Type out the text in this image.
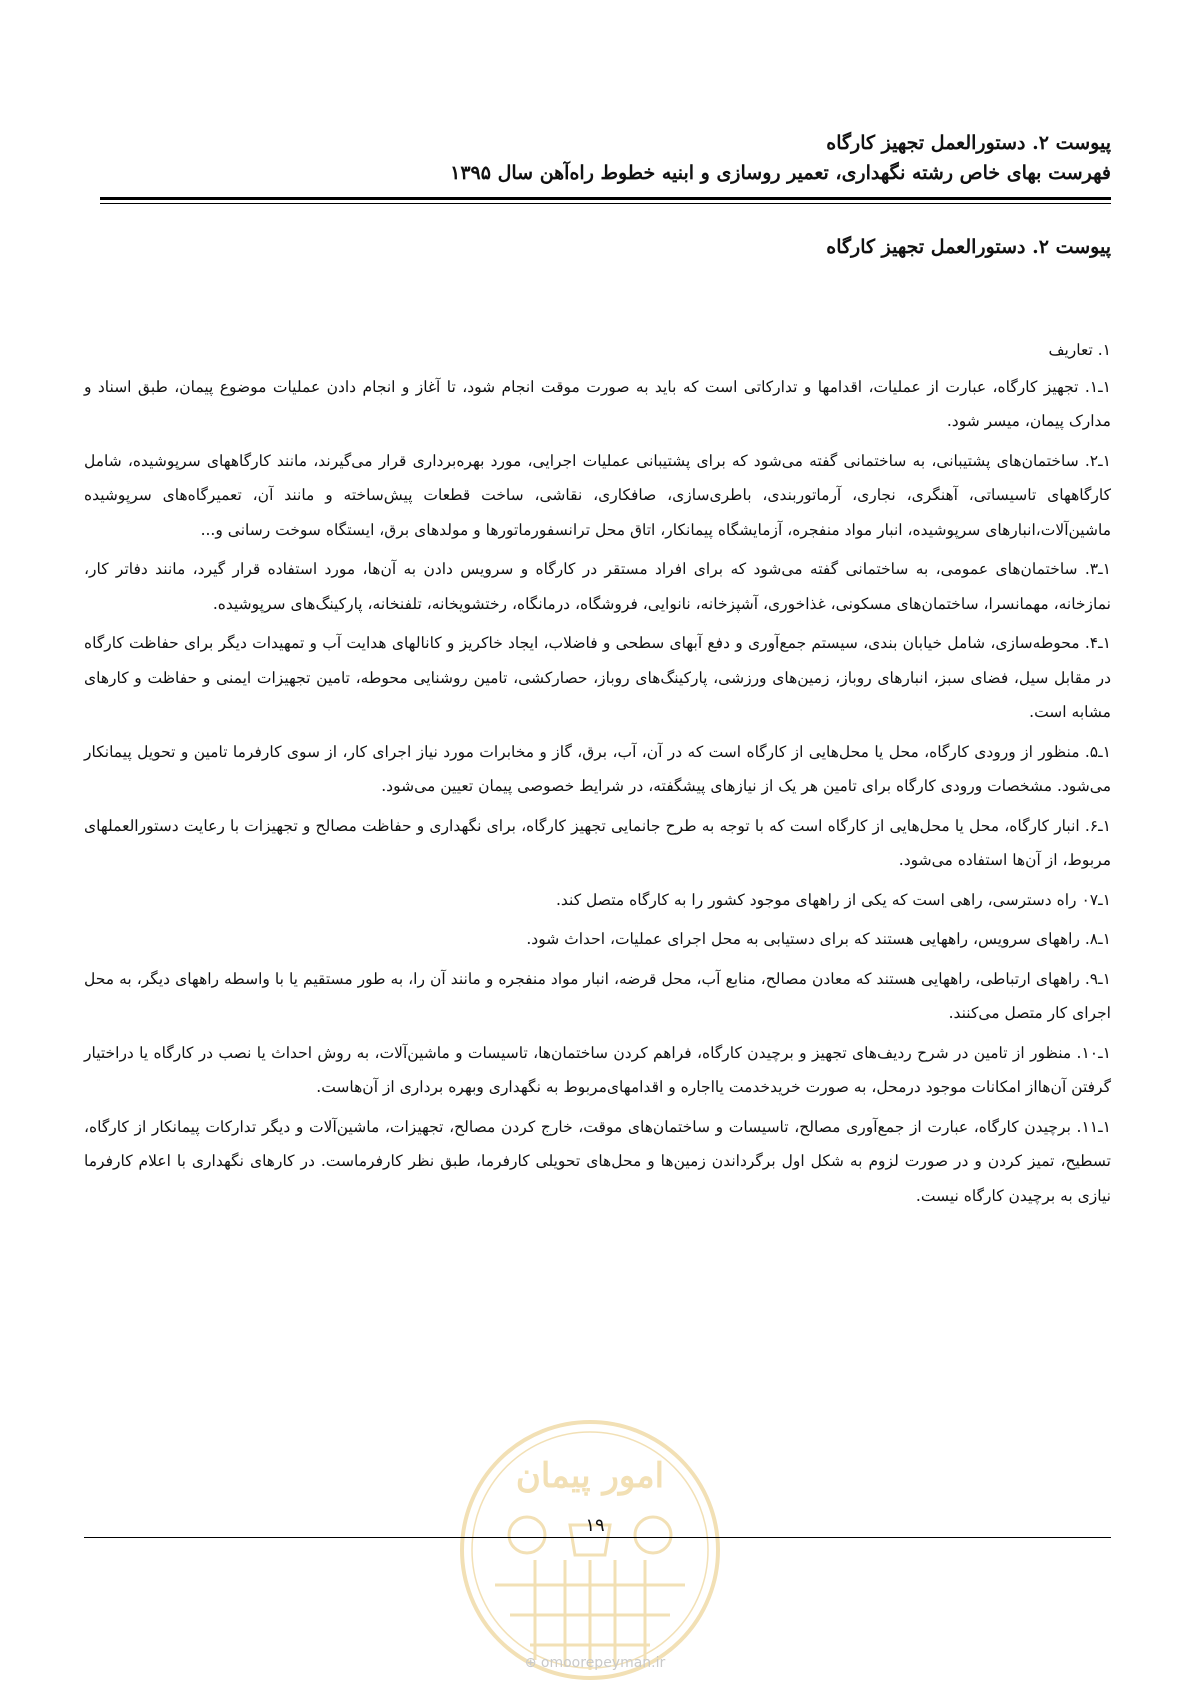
پیوست ۲. دستورالعمل تجهیز کارگاه
فهرست بهای خاص رشته نگهداری، تعمیر روسازی و ابنیه خطوط راه‌آهن سال ۱۳۹۵
پیوست ۲. دستورالعمل تجهیز کارگاه

۱. تعاریف

۱ـ۱. تجهیز کارگاه، عبارت از عملیات، اقدامها و تدارکاتی است که باید به صورت موقت انجام شود، تا آغاز و انجام دادن عملیات موضوع پیمان، طبق اسناد و مدارک پیمان، میسر شود.

۱ـ۲. ساختمان‌های پشتیبانی، به ساختمانی گفته می‌شود که برای پشتیبانی عملیات اجرایی، مورد بهره‌برداری قرار می‌گیرند، مانند کارگاههای سرپوشیده، شامل کارگاههای تاسیساتی، آهنگری، نجاری، آرماتوربندی، باطری‌سازی، صافکاری، نقاشی، ساخت قطعات پیش‌ساخته و مانند آن، تعمیرگاه‌های سرپوشیده ماشین‌آلات،انبارهای سرپوشیده، انبار مواد منفجره، آزمایشگاه پیمانکار، اتاق محل ترانسفورماتورها و مولدهای برق، ایستگاه سوخت رسانی و...

۱ـ۳. ساختمان‌های عمومی، به ساختمانی گفته می‌شود که برای افراد مستقر در کارگاه و سرویس دادن به آن‌ها، مورد استفاده قرار گیرد، مانند دفاتر کار، نمازخانه، مهمانسرا، ساختمان‌های مسکونی، غذاخوری، آشپزخانه، نانوایی، فروشگاه، درمانگاه، رختشویخانه، تلفنخانه، پارکینگ‌های سرپوشیده.

۱ـ۴. محوطه‌سازی، شامل خیابان بندی، سیستم جمع‌آوری و دفع آبهای سطحی و فاضلاب، ایجاد خاکریز و کانالهای هدایت آب و تمهیدات دیگر برای حفاظت کارگاه در مقابل سیل، فضای سبز، انبارهای روباز، زمین‌های ورزشی، پارکینگ‌های روباز، حصارکشی، تامین روشنایی محوطه، تامین تجهیزات ایمنی و حفاظت و کارهای مشابه است.

۱ـ۵. منظور از ورودی کارگاه، محل یا محل‌هایی از کارگاه است که در آن، آب، برق، گاز و مخابرات مورد نیاز اجرای کار، از سوی کارفرما تامین و تحویل پیمانکار می‌شود. مشخصات ورودی کارگاه برای تامین هر یک از نیازهای پیشگفته، در شرایط خصوصی پیمان تعیین می‌شود.

۱ـ۶. انبار کارگاه، محل یا محل‌هایی از کارگاه است که با توجه به طرح جانمایی تجهیز کارگاه، برای نگهداری و حفاظت مصالح و تجهیزات با رعایت دستورالعملهای مربوط، از آن‌ها استفاده می‌شود.

۱ـ۰۷ راه دسترسی، راهی است که یکی از راههای موجود کشور را به کارگاه متصل کند.

۱ـ۸. راههای سرویس، راههایی هستند که برای دستیابی به محل اجرای عملیات، احداث شود.

۱ـ۹. راههای ارتباطی، راههایی هستند که معادن مصالح، منابع آب، محل قرضه، انبار مواد منفجره و مانند آن را، به طور مستقیم یا با واسطه راههای دیگر، به محل اجرای کار متصل می‌کنند.

۱ـ۱۰. منظور از تامین در شرح ردیف‌های تجهیز و برچیدن کارگاه، فراهم کردن ساختمان‌ها، تاسیسات و ماشین‌آلات، به روش احداث یا نصب در کارگاه یا دراختیار گرفتن آن‌هااز امکانات موجود درمحل، به صورت خریدخدمت یااجاره و اقدامهای‌مربوط به نگهداری وبهره برداری از آن‌هاست.

۱ـ۱۱. برچیدن کارگاه، عبارت از جمع‌آوری مصالح، تاسیسات و ساختمان‌های موقت، خارج کردن مصالح، تجهیزات، ماشین‌آلات و دیگر تدارکات پیمانکار از کارگاه، تسطیح، تمیز کردن و در صورت لزوم به شکل اول برگرداندن زمین‌ها و محل‌های تحویلی کارفرما، طبق نظر کارفرماست. در کارهای نگهداری با اعلام کارفرما نیازی به برچیدن کارگاه نیست.

امور پیمان
۱۹
⊕ omoorepeyman.ir
